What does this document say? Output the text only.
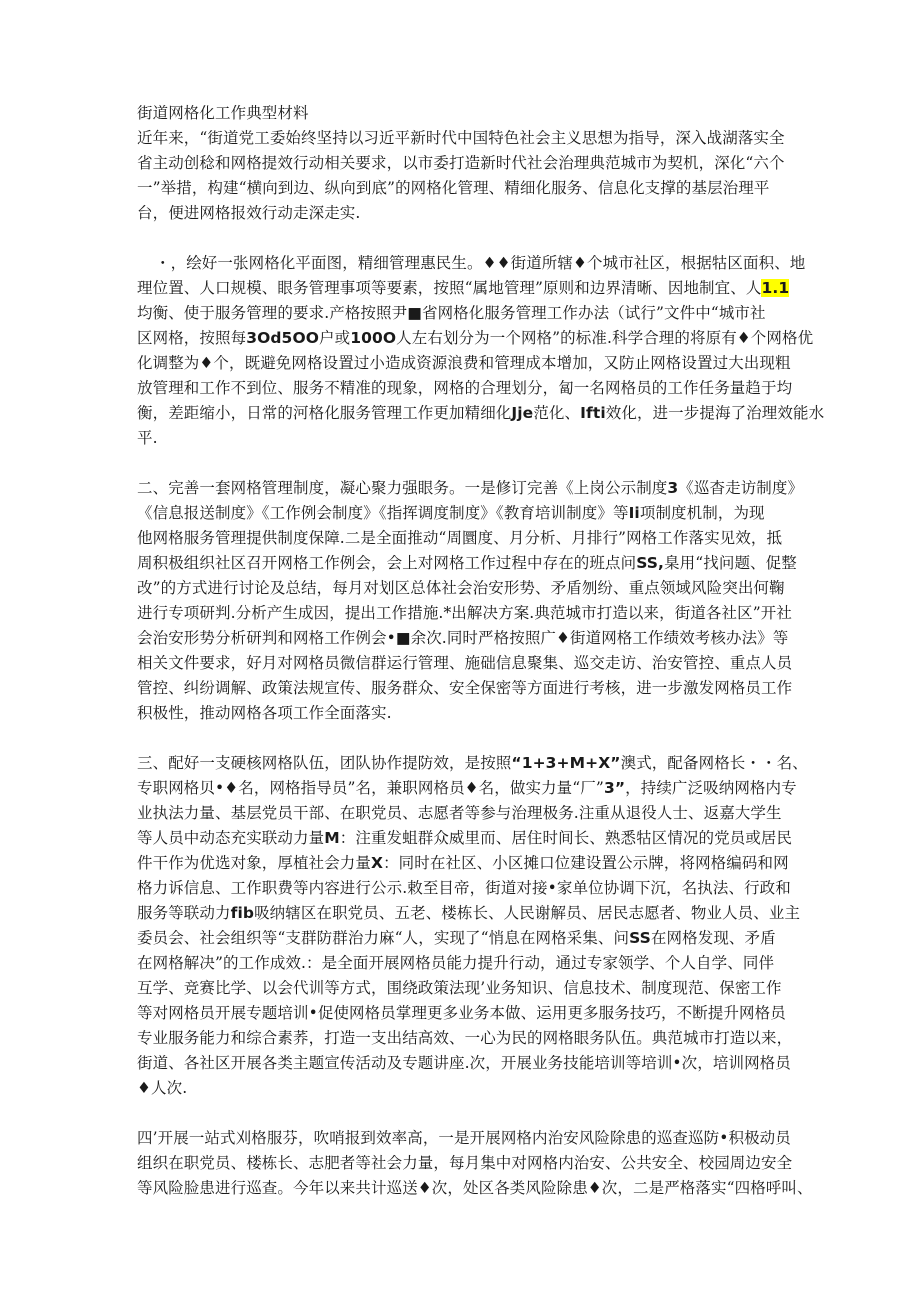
街道网格化工作典型材料
近年来，“街道党工委始终坚持以习近平新时代中国特色社会主义思想为指导，深入战湖落实全
省主动创稔和网格提效行动相关要求，以市委打造新时代社会治理典范城市为契机，深化“六个
一”举措，构建“横向到边、纵向到底”的网格化管理、精细化服务、信息化支撑的基层治理平
台，便进网格报效行动走深走实.
・，绘好一张网格化平面图，精细管理惠民生。♦♦街道所辖♦个城市社区，根据牯区面积、地
理位置、人口规模、眼务管理事项等要素，按照“属地管理”原则和边界清晰、因地制宜、人1.1
均衡、使于服务管理的要求.产格按照尹■省网格化服务管理工作办法（试行”文件中“城市社
区网格，按照每3Od5OO户或100O人左右划分为一个网格”的标准.科学合理的将原有♦个网格优
化调整为♦个，既避免网格设置过小造成资源浪费和管理成本增加，又防止网格设置过大出现粗
放管理和工作不到位、服务不精准的现象，网格的合理划分，匐一名网格员的工作任务量趋于均
衡，差距缩小，日常的河格化服务管理工作更加精细化Jje范化、Ifti效化，进一步提海了治理效能水
平.
二、完善一套网格管理制度，凝心聚力强眼务。一是修订完善《上岗公示制度3《巡杳走访制度》
《信息报送制度》《工作例会制度》《指挥调度制度》《教育培训制度》等Ii项制度机制，为现
他网格服务管理提供制度保障.二是全面推动“周圜度、月分析、月排行”网格工作落实见效，抵
周积极组织社区召开网格工作例会，会上对网格工作过程中存在的班点问SS,臬用“找问题、促整
改”的方式进行讨论及总结，每月对划区总体社会治安形势、矛盾刎纷、重点领域风险突出何鞠
进行专项研判.分析产生成因，提出工作措施.*出解决方案.典范城市打造以来，街道各社区”开社
会治安形势分析研判和网格工作例会•■余次.同时严格按照广♦街道网格工作绩效考核办法》等
相关文件要求，好月对网格员微信群运行管理、施础信息聚集、巡交走访、治安管控、重点人员
管控、纠纷调解、政策法规宣传、服务群众、安全保密等方面进行考核，进一步激发网格员工作
积极性，推动网格各项工作全面落实.
三、配好一支硬核网格队伍，团队协作提防效，是按照“1+3+M+X”澳式，配备网格长・・名、
专职网格贝•♦名，网格指导员”名，兼职网格员♦名，做实力量“厂”3”，持续广泛吸纳网格内专
业执法力量、基层党员干部、在职党员、志愿者等参与治理极务.注重从退役人士、返嘉大学生
等人员中动态充实联动力量M：注重发蛆群众威里而、居住时间长、熟悉牯区情况的党员或居民
件干作为优选对象，厚植社会力量X：同时在社区、小区摊口位建设置公示牌，将网格编码和网
格力诉信息、工作职费等内容进行公示.敕至目帝，街道对接•家单位协调下沉，名执法、行政和
服务等联动力fib吸纳辖区在职党员、五老、楼栋长、人民谢解员、居民志愿者、物业人员、业主
委员会、社会组织等“支群防群治力麻“人，实现了“悄息在网格采集、问SS在网格发现、矛盾
在网格解决”的工作成效.：是全面开展网格员能力提升行动，通过专家领学、个人自学、同伴
互学、竞赛比学、以会代训等方式，围绕政策法现’业务知识、信息技术、制度现范、保密工作
等对网格员开展专题培训•促使网格员掌理更多业务本做、运用更多服务技巧，不断提升网格员
专业服务能力和综合素荞，打造一支出结高效、一心为民的网格眼务队伍。典范城市打造以来，
街道、各社区开展各类主题宣传活动及专题讲座.次，开展业务技能培训等培训•次，培训网格员
♦人次.
四’开展一站式刈格服芬，吹哨报到效率高，一是开展网格内治安风险除患的巡查巡防•积极动员
组织在职党员、楼栋长、志肥者等社会力量，每月集中对网格内治安、公共安全、校园周边安全
等风险脸患进行巡查。今年以来共计巡送♦次，处区各类风险除患♦次，二是严格落实“四格呼叫、
